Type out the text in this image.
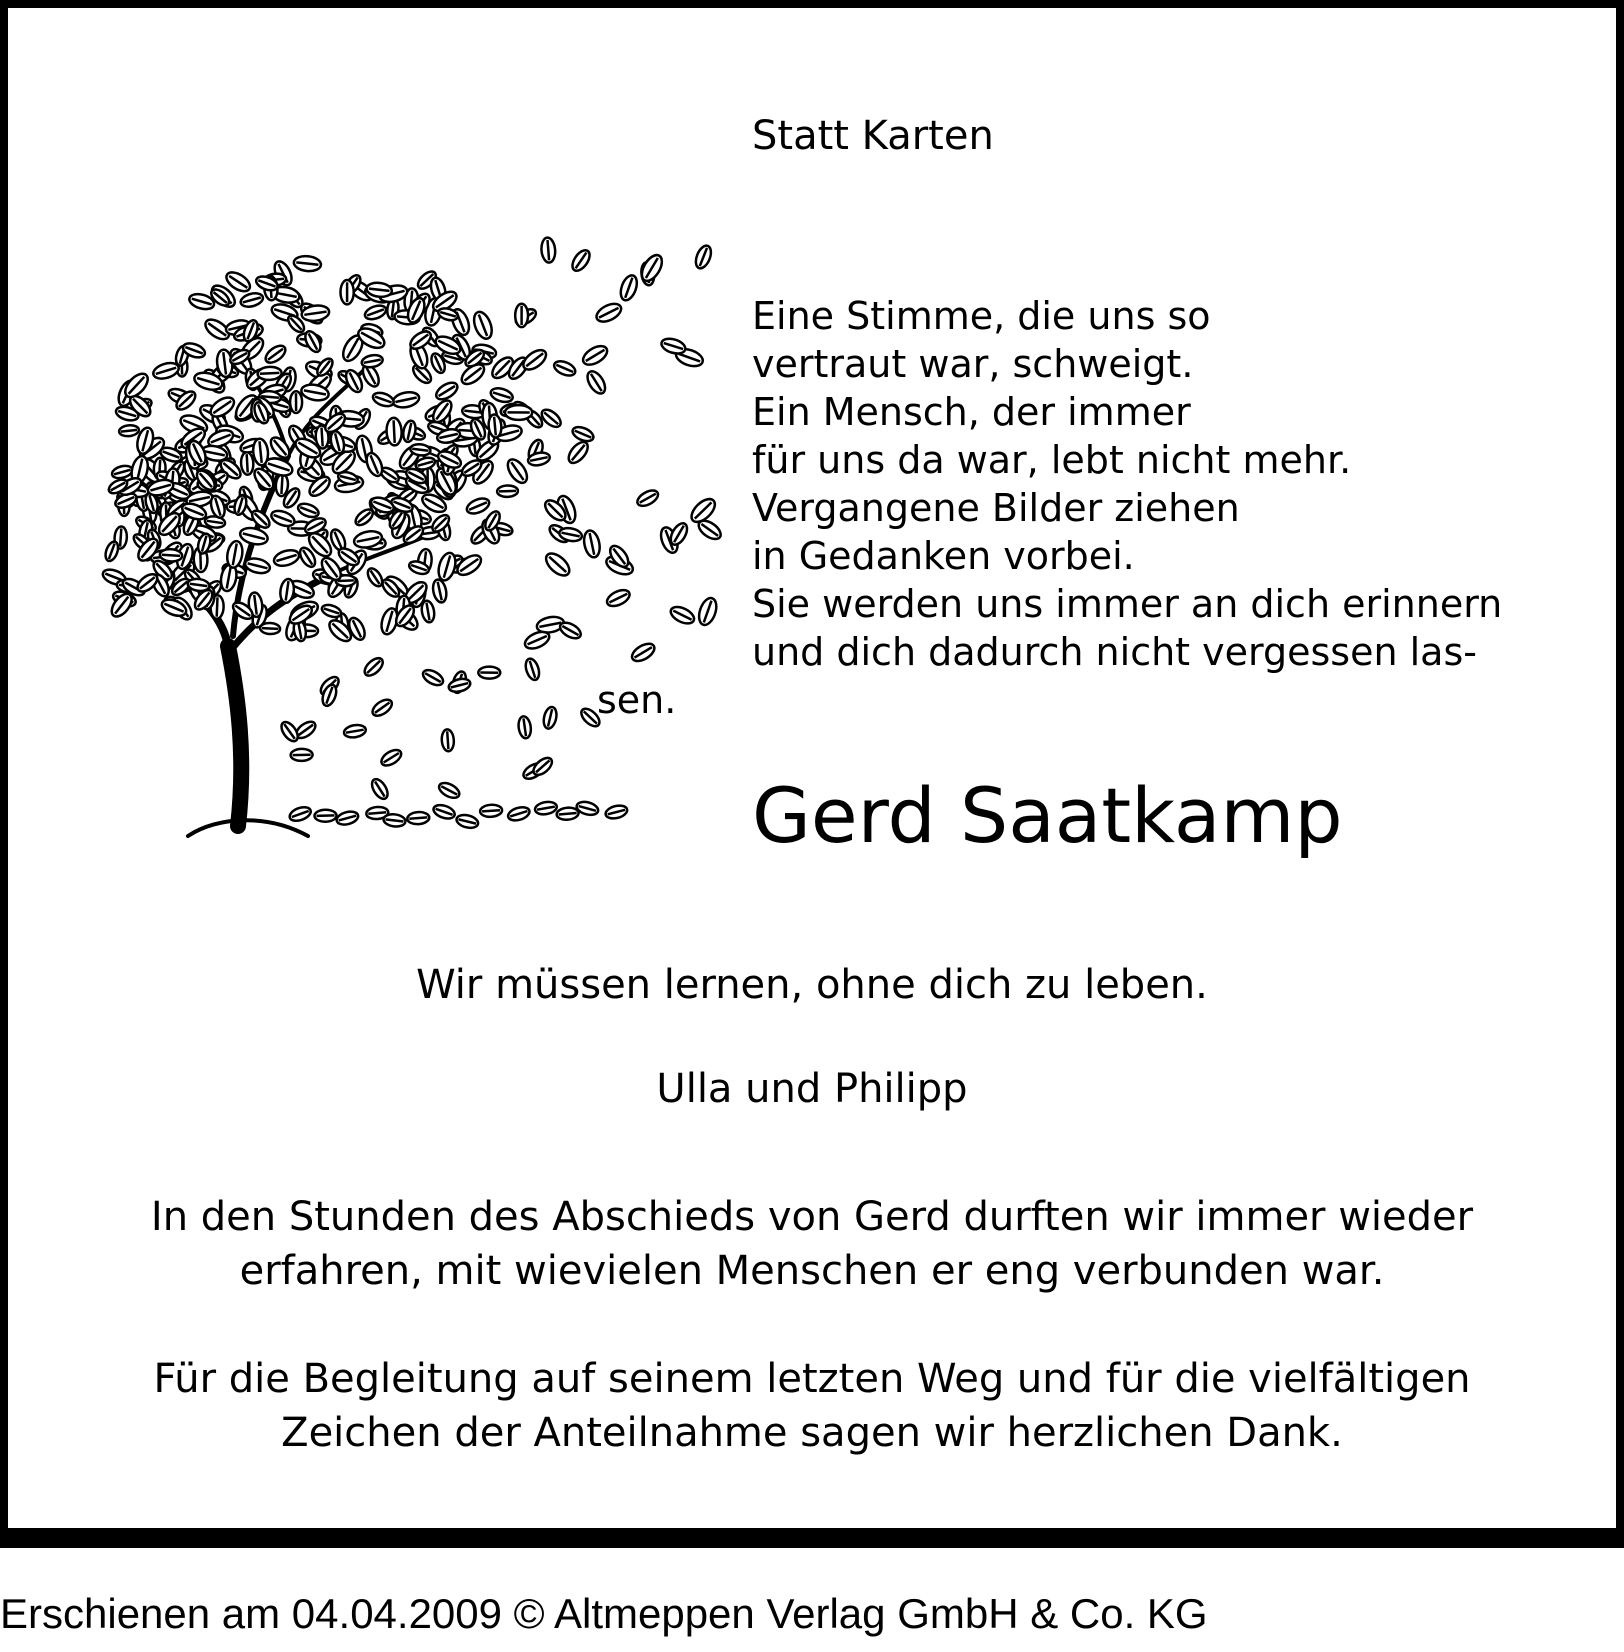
Statt Karten

Eine Stimme, die uns so
vertraut war, schweigt.
Ein Mensch, der immer
für uns da war, lebt nicht mehr.
Vergangene Bilder ziehen
in Gedanken vorbei.
Sie werden uns immer an dich erinnern
und dich dadurch nicht vergessen las-
sen.
Gerd Saatkamp

Wir müssen lernen, ohne dich zu leben.

Ulla und Philipp

In den Stunden des Abschieds von Gerd durften wir immer wieder
erfahren, mit wievielen Menschen er eng verbunden war.

Für die Begleitung auf seinem letzten Weg und für die vielfältigen
Zeichen der Anteilnahme sagen wir herzlichen Dank.

Erschienen am 04.04.2009 © Altmeppen Verlag GmbH & Co. KG
